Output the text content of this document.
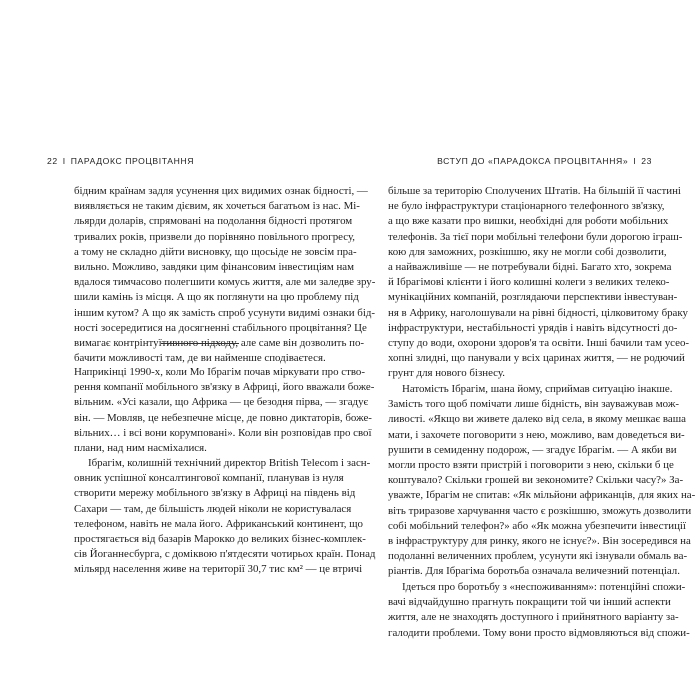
22 I ПАРАДОКС ПРОЦВІТАННЯ
бідним країнам задля усунення цих видимих ознак бідності, —
виявляється не таким дієвим, як хочеться багатьом із нас. Мі-
льярди доларів, спрямовані на подолання бідності протягом
тривалих років, призвели до порівняно повільного прогресу,
а тому не складно дійти висновку, що щосьіде не зовсім пра-
вильно. Можливо, завдяки цим фінансовим інвестиціям нам
вдалося тимчасово полегшити комусь життя, але ми заледве зру-
шили камінь із місця. А що як поглянути на цю проблему під
іншим кутом? А що як замість спроб усунути видимі ознаки бід-
ності зосередитися на досягненні стабільного процвітання? Це
вимагає контрінтуїтивного підходу, але саме він дозволить по-
бачити можливості там, де ви найменше сподіваєтеся.
Наприкінці 1990-х, коли Мо Ібрагім почав міркувати про ство-
рення компанії мобільного зв'язку в Африці, його вважали боже-
вільним. «Усі казали, що Африка — це безодня пірва, — згадує
він. — Мовляв, це небезпечне місце, де повно диктаторів, боже-
вільних… і всі вони корумповані». Коли він розповідав про свої
плани, над ним насміхалися.
Ібрагім, колишній технічний директор British Telecom і засн-
овник успішної консалтингової компанії, планував із нуля
створити мережу мобільного зв'язку в Африці на південь від
Сахари — там, де більшість людей ніколи не користувалася
телефоном, навіть не мала його. Африканський континент, що
простягається від базарів Марокко до великих бізнес-комплек-
сів Йоганнесбурга, с доміквою п'ятдесяти чотирьох країн. Понад
мільярд населення живе на території 30,7 тис км² — це втричі
ВСТУП ДО «ПАРАДОКСА ПРОЦВІТАННЯ» I 23
більше за територію Сполучених Штатів. На більшій її частині
не було інфраструктури стаціонарного телефонного зв'язку,
а що вже казати про вишки, необхідні для роботи мобільних
телефонів. За тієї пори мобільні телефони були дорогою іграш-
кою для заможних, розкішшю, яку не могли собі дозволити,
а найважливіше — не потребували бідні. Багато хто, зокрема
й Ібрагімові клієнти і його колишні колеги з великих телеко-
мунікаційних компаній, розглядаючи перспективи інвестуван-
ня в Африку, наголошували на рівні бідності, цілковитому браку
інфраструктури, нестабільності урядів і навіть відсутності до-
ступу до води, охорони здоров'я та освіти. Інші бачили там усео-
хопні злидні, що панували у всіх царинах життя, — не родючий
грунт для нового бізнесу.
Натомість Ібрагім, шана йому, сприймав ситуацію інакше.
Замість того щоб помічати лише бідність, він зауважував мож-
ливості. «Якщо ви живете далеко від села, в якому мешкає ваша
мати, і захочете поговорити з нею, можливо, вам доведеться ви-
рушити в семиденну подорож, — згадує Ібрагім. — А якби ви
могли просто взяти пристрій і поговорити з нею, скільки б це
коштувало? Скільки грошей ви зекономите? Скільки часу?» За-
уважте, Ібрагім не спитав: «Як мільйони африканців, для яких на-
віть триразове харчування часто є розкішшю, зможуть дозволити
собі мобільний телефон?» або «Як можна убезпечити інвестиції
в інфраструктуру для ринку, якого не існує?». Він зосередився на
подоланні величенних проблем, усунути які ізнували обмаль ва-
ріантів. Для Ібрагіма боротьба означала величезний потенціал.
Ідеться про боротьбу з «неспоживанням»: потенційні спожи-
вачі відчайдушно прагнуть покращити той чи інший аспекти
життя, але не знаходять доступного і прийнятного варіанту за-
галодити проблеми. Тому вони просто відмовляються від спожи-
